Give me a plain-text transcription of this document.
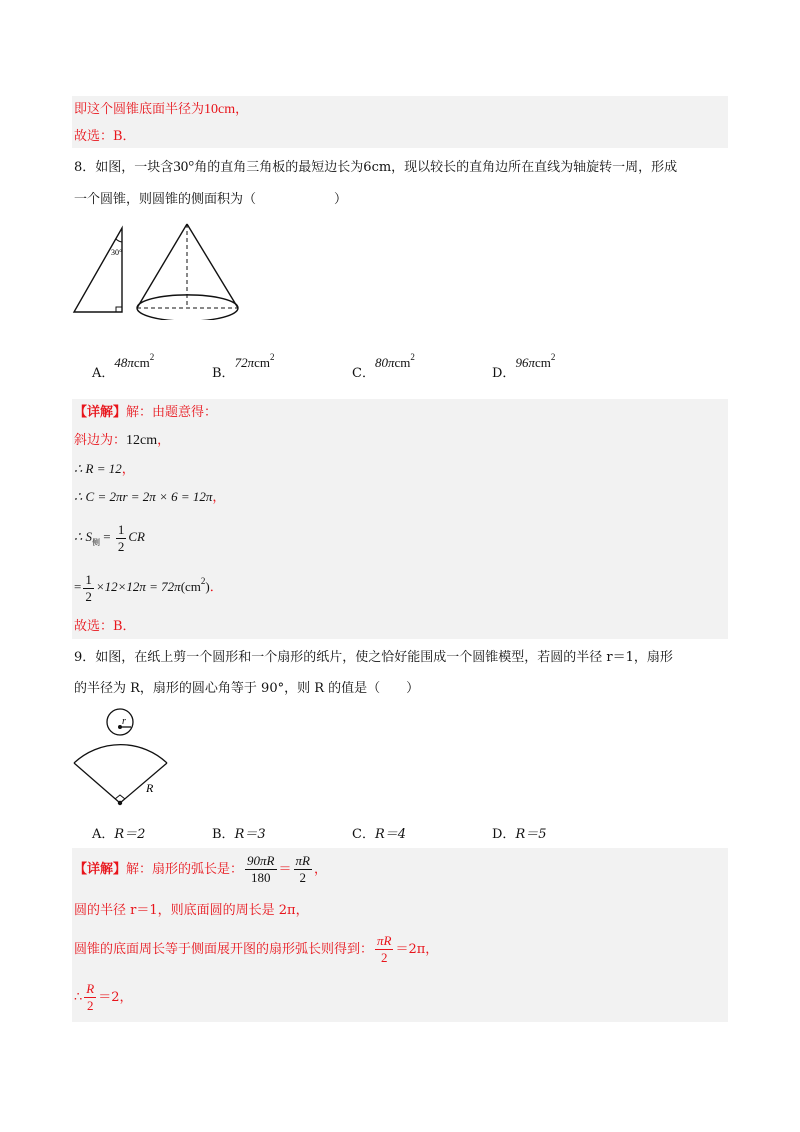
即这个圆锥底面半径为10cm，
故选：B．
8．如图，一块含30°角的直角三角板的最短边长为6cm，现以较长的直角边所在直线为轴旋转一周，形成
一个圆锥，则圆锥的侧面积为（　　　　　　）
30°
A．48πcm$^2$
B．72πcm$^2$
C．80πcm$^2$
D．96πcm$^2$
【详解】解：由题意得：
斜边为：12cm，
∴ R = 12，
∴ C = 2πr = 2π × 6 = 12π，
∴ $S_侧 = \frac{1}{2}$ CR
= $\frac{1}{2} \times 12\times 12\pi = 72\pi(cm^2)$．
故选：B．
9．如图，在纸上剪一个圆形和一个扇形的纸片，使之恰好能围成一个圆锥模型，若圆的半径 r＝1，扇形
的半径为 R，扇形的圆心角等于 90°，则 R 的值是（　　）
r
R
A．R＝2	B．R＝3	C．R＝4	D．R＝5
【详解】解：扇形的弧长是： $\frac{90\pi R}{180} = \frac{\pi R}{2}$ ，
圆的半径 r＝1，则底面圆的周长是 2π，
圆锥的底面周长等于侧面展开图的扇形弧长则得到： $\frac{\pi R}{2} =2\pi$，
∴ $\frac{R}{2} =2$，
